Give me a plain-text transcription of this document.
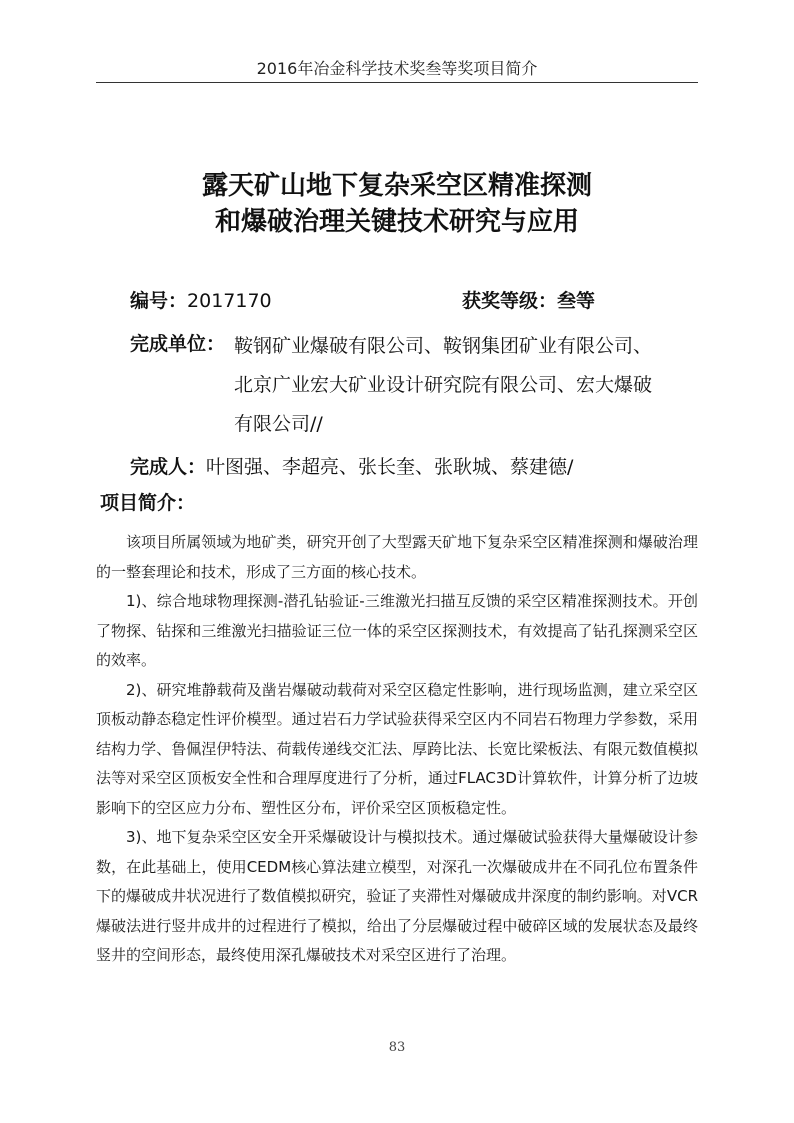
2016年冶金科学技术奖叁等奖项目简介
露天矿山地下复杂采空区精准探测
和爆破治理关键技术研究与应用
编号：2017170	获奖等级：叁等
完成单位： 鞍钢矿业爆破有限公司、鞍钢集团矿业有限公司、
北京广业宏大矿业设计研究院有限公司、宏大爆破
有限公司//
完成人：叶图强、李超亮、张长奎、张耿城、蔡建德/
项目简介：

该项目所属领域为地矿类，研究开创了大型露天矿地下复杂采空区精准探测和爆破治理的一整套理论和技术，形成了三方面的核心技术。

1)、综合地球物理探测-潜孔钻验证-三维激光扫描互反馈的采空区精准探测技术。开创了物探、钻探和三维激光扫描验证三位一体的采空区探测技术，有效提高了钻孔探测采空区的效率。

2)、研究堆静载荷及凿岩爆破动载荷对采空区稳定性影响，进行现场监测，建立采空区顶板动静态稳定性评价模型。通过岩石力学试验获得采空区内不同岩石物理力学参数，采用结构力学、鲁佩涅伊特法、荷载传递线交汇法、厚跨比法、长宽比梁板法、有限元数值模拟法等对采空区顶板安全性和合理厚度进行了分析，通过FLAC3D计算软件，计算分析了边坡影响下的空区应力分布、塑性区分布，评价采空区顶板稳定性。

3)、地下复杂采空区安全开采爆破设计与模拟技术。通过爆破试验获得大量爆破设计参数，在此基础上，使用CEDM核心算法建立模型，对深孔一次爆破成井在不同孔位布置条件下的爆破成井状况进行了数值模拟研究，验证了夹滞性对爆破成井深度的制约影响。对VCR爆破法进行竖井成井的过程进行了模拟，给出了分层爆破过程中破碎区域的发展状态及最终竖井的空间形态，最终使用深孔爆破技术对采空区进行了治理。

83
